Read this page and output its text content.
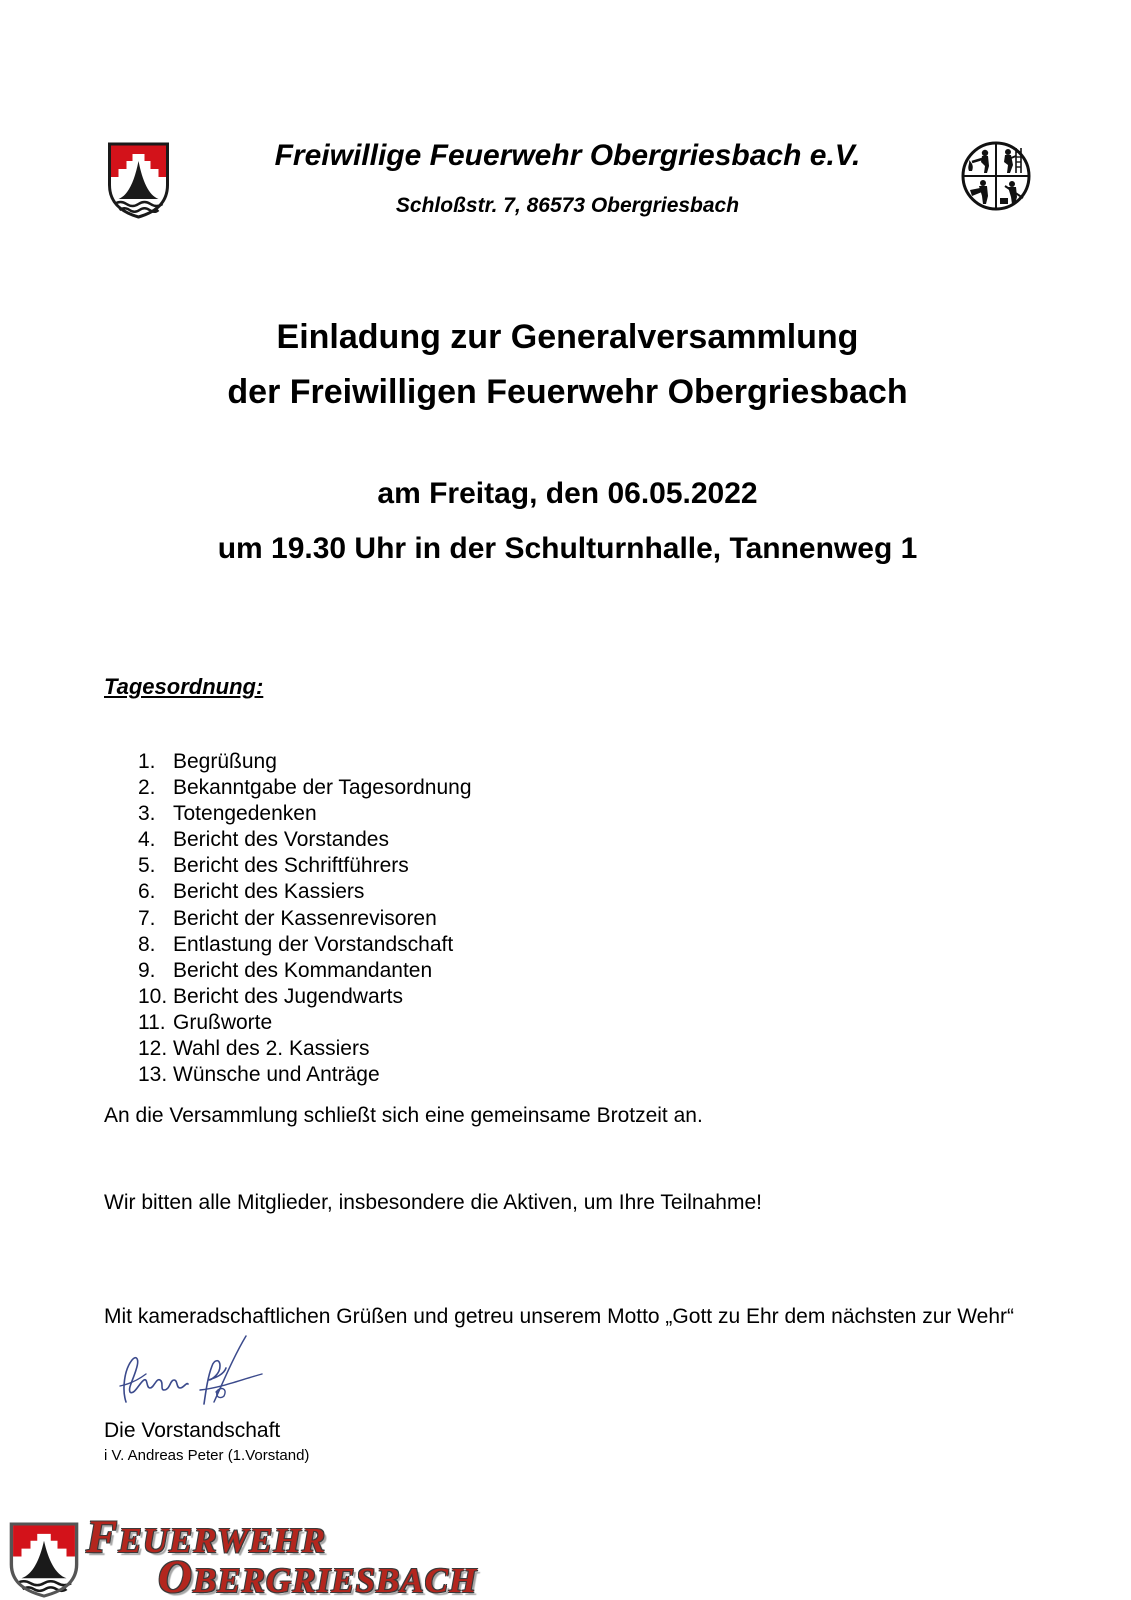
Freiwillige Feuerwehr Obergriesbach e.V.
Schloßstr. 7, 86573 Obergriesbach
Einladung zur Generalversammlung
der Freiwilligen Feuerwehr Obergriesbach
am Freitag, den 06.05.2022
um 19.30 Uhr in der Schulturnhalle, Tannenweg 1
Tagesordnung:
1. Begrüßung
2. Bekanntgabe der Tagesordnung
3. Totengedenken
4. Bericht des Vorstandes
5. Bericht des Schriftführers
6. Bericht des Kassiers
7. Bericht der Kassenrevisoren
8. Entlastung der Vorstandschaft
9. Bericht des Kommandanten
10. Bericht des Jugendwarts
11. Grußworte
12. Wahl des 2. Kassiers
13. Wünsche und Anträge
An die Versammlung schließt sich eine gemeinsame Brotzeit an.
Wir bitten alle Mitglieder, insbesondere die Aktiven, um Ihre Teilnahme!
Mit kameradschaftlichen Grüßen und getreu unserem Motto „Gott zu Ehr dem nächsten zur Wehr“
Die Vorstandschaft
i V. Andreas Peter (1.Vorstand)
FEUERWEHR
OBERGRIESBACH
